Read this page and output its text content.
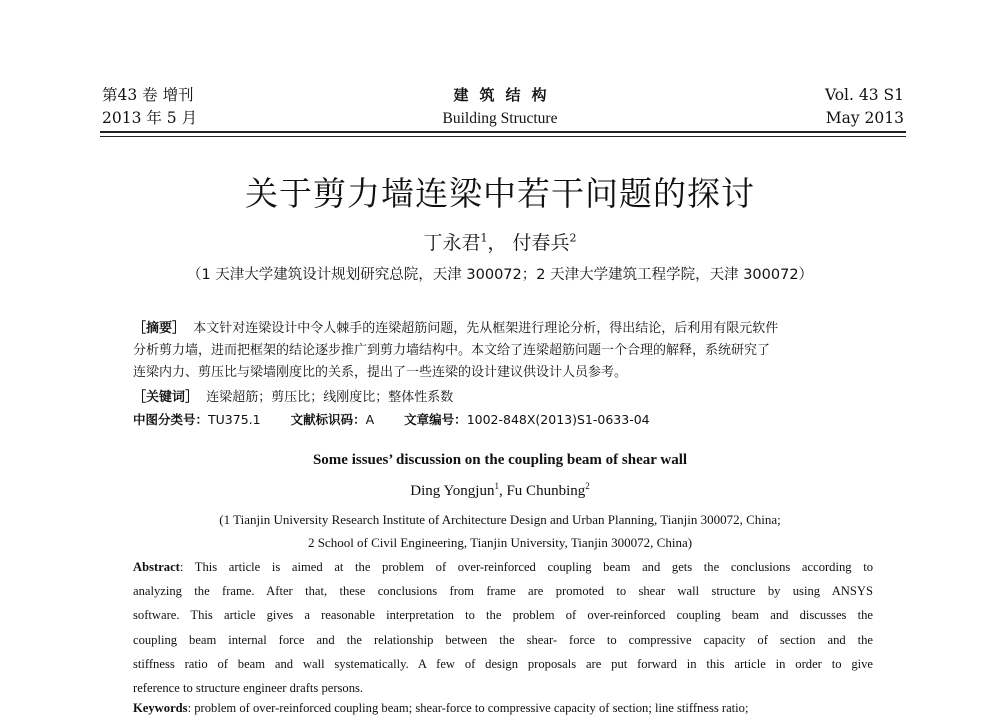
第43 卷 增刊
2013 年 5 月
建筑结构
Building Structure
Vol. 43 S1
May 2013
关于剪力墙连梁中若干问题的探讨
丁永君$^1$， 付春兵$^2$
（1 天津大学建筑设计规划研究总院，天津 300072；2 天津大学建筑工程学院，天津 300072）
［摘要］ 本文针对连梁设计中令人棘手的连梁超筋问题，先从框架进行理论分析，得出结论，后利用有限元软件
分析剪力墙，进而把框架的结论逐步推广到剪力墙结构中。本文给了连梁超筋问题一个合理的解释，系统研究了
连梁内力、剪压比与梁墙刚度比的关系，提出了一些连梁的设计建议供设计人员参考。
［关键词］ 连梁超筋；剪压比；线刚度比；整体性系数
中图分类号：TU375.1 文献标识码：A 文章编号：1002-848X(2013)S1-0633-04
Some issues’ discussion on the coupling beam of shear wall
Ding Yongjun$^1$, Fu Chunbing$^2$
(1 Tianjin University Research Institute of Architecture Design and Urban Planning, Tianjin 300072, China;
2 School of Civil Engineering, Tianjin University, Tianjin 300072, China)
Abstract: This article is aimed at the problem of over-reinforced coupling beam and gets the conclusions according to
analyzing the frame. After that, these conclusions from frame are promoted to shear wall structure by using ANSYS
software. This article gives a reasonable interpretation to the problem of over-reinforced coupling beam and discusses the
coupling beam internal force and the relationship between the shear- force to compressive capacity of section and the
stiffness ratio of beam and wall systematically. A few of design proposals are put forward in this article in order to give
reference to structure engineer drafts persons.
Keywords: problem of over-reinforced coupling beam; shear-force to compressive capacity of section; line stiffness ratio;
